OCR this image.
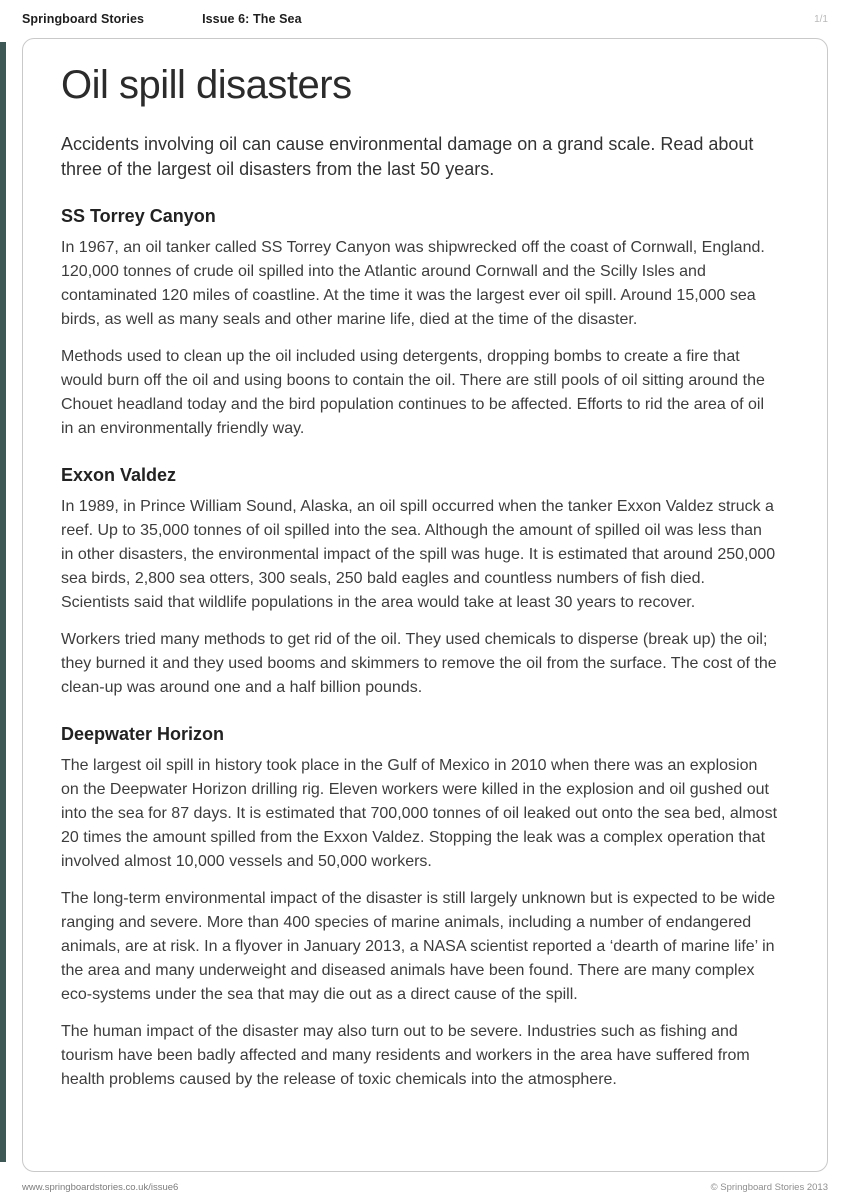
Springboard Stories	Issue 6: The Sea	1/1
Oil spill disasters

Accidents involving oil can cause environmental damage on a grand scale. Read about three of the largest oil disasters from the last 50 years.

SS Torrey Canyon

In 1967, an oil tanker called SS Torrey Canyon was shipwrecked off the coast of Cornwall, England. 120,000 tonnes of crude oil spilled into the Atlantic around Cornwall and the Scilly Isles and contaminated 120 miles of coastline. At the time it was the largest ever oil spill. Around 15,000 sea birds, as well as many seals and other marine life, died at the time of the disaster.

Methods used to clean up the oil included using detergents, dropping bombs to create a fire that would burn off the oil and using boons to contain the oil. There are still pools of oil sitting around the Chouet headland today and the bird population continues to be affected. Efforts to rid the area of oil in an environmentally friendly way.

Exxon Valdez

In 1989, in Prince William Sound, Alaska, an oil spill occurred when the tanker Exxon Valdez struck a reef. Up to 35,000 tonnes of oil spilled into the sea. Although the amount of spilled oil was less than in other disasters, the environmental impact of the spill was huge. It is estimated that around 250,000 sea birds, 2,800 sea otters, 300 seals, 250 bald eagles and countless numbers of fish died. Scientists said that wildlife populations in the area would take at least 30 years to recover.

Workers tried many methods to get rid of the oil. They used chemicals to disperse (break up) the oil; they burned it and they used booms and skimmers to remove the oil from the surface. The cost of the clean-up was around one and a half billion pounds.

Deepwater Horizon

The largest oil spill in history took place in the Gulf of Mexico in 2010 when there was an explosion on the Deepwater Horizon drilling rig. Eleven workers were killed in the explosion and oil gushed out into the sea for 87 days. It is estimated that 700,000 tonnes of oil leaked out onto the sea bed, almost 20 times the amount spilled from the Exxon Valdez. Stopping the leak was a complex operation that involved almost 10,000 vessels and 50,000 workers.

The long-term environmental impact of the disaster is still largely unknown but is expected to be wide ranging and severe. More than 400 species of marine animals, including a number of endangered animals, are at risk. In a flyover in January 2013, a NASA scientist reported a ‘dearth of marine life’ in the area and many underweight and diseased animals have been found. There are many complex eco-systems under the sea that may die out as a direct cause of the spill.

The human impact of the disaster may also turn out to be severe. Industries such as fishing and tourism have been badly affected and many residents and workers in the area have suffered from health problems caused by the release of toxic chemicals into the atmosphere.

www.springboardstories.co.uk/issue6	© Springboard Stories 2013
